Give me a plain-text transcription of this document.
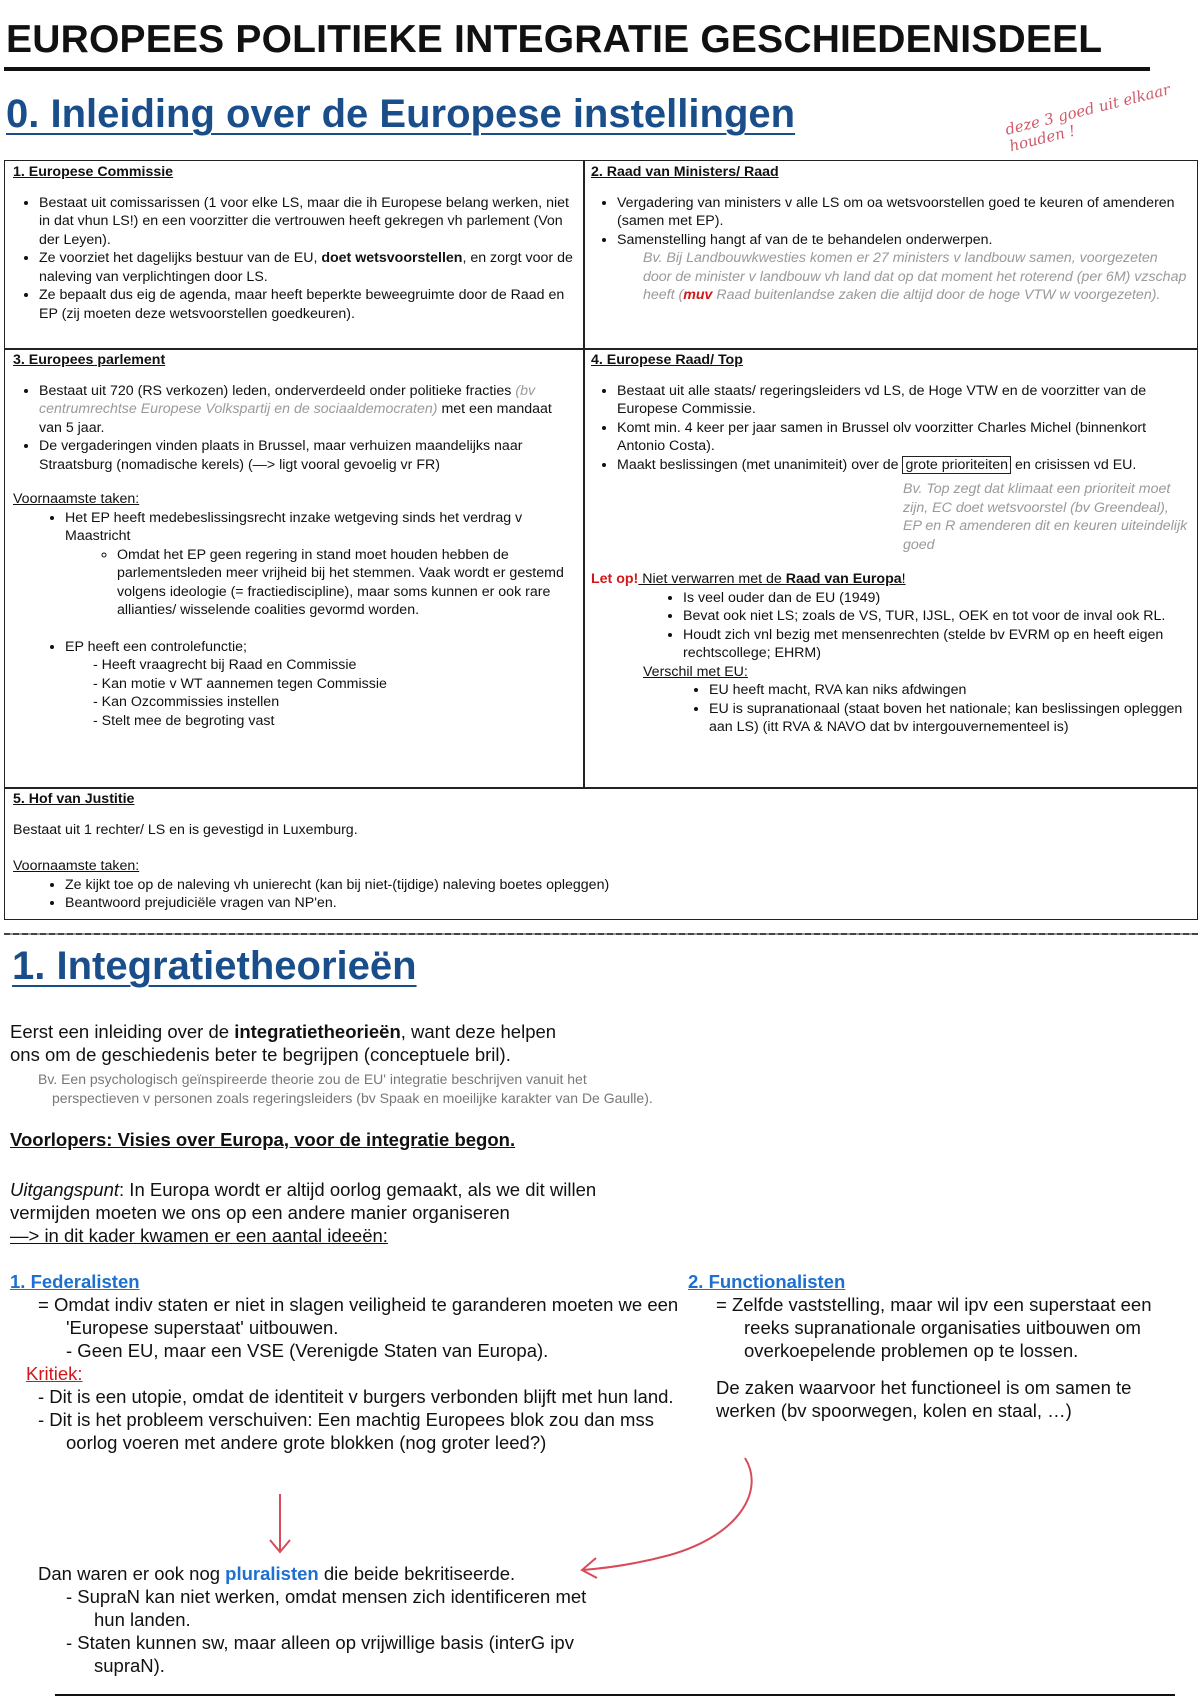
EUROPEES POLITIEKE INTEGRATIE GESCHIEDENISDEEL
0. Inleiding over de Europese instellingen	deze 3 goed uit elkaar houden !
1. Europese Commissie
• Bestaat uit comissarissen (1 voor elke LS, maar die ih Europese belang werken, niet in dat vhun LS!) en een voorzitter die vertrouwen heeft gekregen vh parlement (Von der Leyen).
• Ze voorziet het dagelijks bestuur van de EU, doet wetsvoorstellen, en zorgt voor de naleving van verplichtingen door LS.
• Ze bepaalt dus eig de agenda, maar heeft beperkte beweegruimte door de Raad en EP (zij moeten deze wetsvoorstellen goedkeuren).
2. Raad van Ministers/ Raad
• Vergadering van ministers v alle LS om oa wetsvoorstellen goed te keuren of amenderen (samen met EP).
• Samenstelling hangt af van de te behandelen onderwerpen.
Bv. Bij Landbouwkwesties komen er 27 ministers v landbouw samen, voorgezeten door de minister v landbouw vh land dat op dat moment het roterend (per 6M) vzschap heeft (muv Raad buitenlandse zaken die altijd door de hoge VTW w voorgezeten).
3. Europees parlement
• Bestaat uit 720 (RS verkozen) leden, onderverdeeld onder politieke fracties (bv centrumrechtse Europese Volkspartij en de sociaaldemocraten) met een mandaat van 5 jaar.
• De vergaderingen vinden plaats in Brussel, maar verhuizen maandelijks naar Straatsburg (nomadische kerels) (—> ligt vooral gevoelig vr FR)
Voornaamste taken:
• Het EP heeft medebeslissingsrecht inzake wetgeving sinds het verdrag v Maastricht
◦ Omdat het EP geen regering in stand moet houden hebben de parlementsleden meer vrijheid bij het stemmen. Vaak wordt er gestemd volgens ideologie (= fractiediscipline), maar soms kunnen er ook rare allianties/ wisselende coalities gevormd worden.
• EP heeft een controlefunctie;
- Heeft vraagrecht bij Raad en Commissie
- Kan motie v WT aannemen tegen Commissie
- Kan Ozcommissies instellen
- Stelt mee de begroting vast
4. Europese Raad/ Top
• Bestaat uit alle staats/ regeringsleiders vd LS, de Hoge VTW en de voorzitter van de Europese Commissie.
• Komt min. 4 keer per jaar samen in Brussel olv voorzitter Charles Michel (binnenkort Antonio Costa).
• Maakt beslissingen (met unanimiteit) over de grote prioriteiten en crisissen vd EU.
Bv. Top zegt dat klimaat een prioriteit moet zijn, EC doet wetsvoorstel (bv Greendeal), EP en R amenderen dit en keuren uiteindelijk goed
Let op! Niet verwarren met de Raad van Europa!
• Is veel ouder dan de EU (1949)
• Bevat ook niet LS; zoals de VS, TUR, IJSL, OEK en tot voor de inval ook RL.
• Houdt zich vnl bezig met mensenrechten (stelde bv EVRM op en heeft eigen rechtscollege; EHRM)
Verschil met EU:
• EU heeft macht, RVA kan niks afdwingen
• EU is supranationaal (staat boven het nationale; kan beslissingen opleggen aan LS) (itt RVA & NAVO dat bv intergouvernementeel is)
5. Hof van Justitie
Bestaat uit 1 rechter/ LS en is gevestigd in Luxemburg.
Voornaamste taken:
• Ze kijkt toe op de naleving vh unierecht (kan bij niet-(tijdige) naleving boetes opleggen)
• Beantwoord prejudiciële vragen van NP'en.
1. Integratietheorieën
Eerst een inleiding over de integratietheorieën, want deze helpen
ons om de geschiedenis beter te begrijpen (conceptuele bril).
Bv. Een psychologisch geïnspireerde theorie zou de EU' integratie beschrijven vanuit het
perspectieven v personen zoals regeringsleiders (bv Spaak en moeilijke karakter van De Gaulle).
Voorlopers: Visies over Europa, voor de integratie begon.
Uitgangspunt: In Europa wordt er altijd oorlog gemaakt, als we dit willen
vermijden moeten we ons op een andere manier organiseren
—> in dit kader kwamen er een aantal ideeën:
1. Federalisten
= Omdat indiv staten er niet in slagen veiligheid te garanderen moeten we een 'Europese superstaat' uitbouwen.
- Geen EU, maar een VSE (Verenigde Staten van Europa).
Kritiek:
- Dit is een utopie, omdat de identiteit v burgers verbonden blijft met hun land.
- Dit is het probleem verschuiven: Een machtig Europees blok zou dan mss oorlog voeren met andere grote blokken (nog groter leed?)
2. Functionalisten
= Zelfde vaststelling, maar wil ipv een superstaat een reeks supranationale organisaties uitbouwen om overkoepelende problemen op te lossen.
De zaken waarvoor het functioneel is om samen te werken (bv spoorwegen, kolen en staal, …)
Dan waren er ook nog pluralisten die beide bekritiseerde.
- SupraN kan niet werken, omdat mensen zich identificeren met hun landen.
- Staten kunnen sw, maar alleen op vrijwillige basis (interG ipv supraN).
